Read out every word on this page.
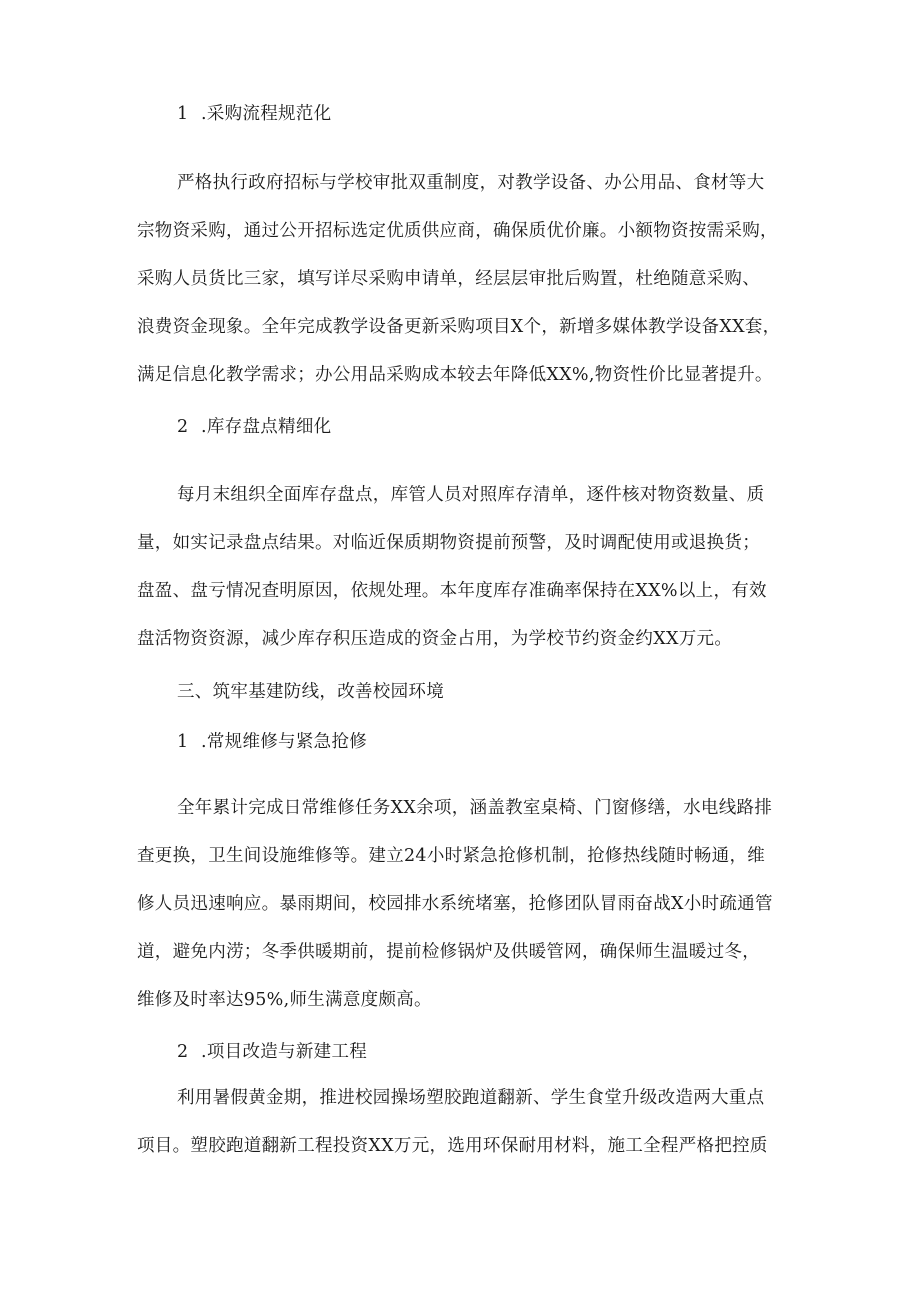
1 .采购流程规范化
严格执行政府招标与学校审批双重制度，对教学设备、办公用品、食材等大
宗物资采购，通过公开招标选定优质供应商，确保质优价廉。小额物资按需采购，
采购人员货比三家，填写详尽采购申请单，经层层审批后购置，杜绝随意采购、
浪费资金现象。全年完成教学设备更新采购项目X个，新增多媒体教学设备XX套，
满足信息化教学需求；办公用品采购成本较去年降低XX%,物资性价比显著提升。
2 .库存盘点精细化
每月末组织全面库存盘点，库管人员对照库存清单，逐件核对物资数量、质
量，如实记录盘点结果。对临近保质期物资提前预警，及时调配使用或退换货；
盘盈、盘亏情况查明原因，依规处理。本年度库存准确率保持在XX%以上，有效
盘活物资资源，减少库存积压造成的资金占用，为学校节约资金约XX万元。
三、筑牢基建防线，改善校园环境
1 .常规维修与紧急抢修
全年累计完成日常维修任务XX余项，涵盖教室桌椅、门窗修缮，水电线路排
查更换，卫生间设施维修等。建立24小时紧急抢修机制，抢修热线随时畅通，维
修人员迅速响应。暴雨期间，校园排水系统堵塞，抢修团队冒雨奋战X小时疏通管
道，避免内涝；冬季供暖期前，提前检修锅炉及供暖管网，确保师生温暖过冬，
维修及时率达95%,师生满意度颇高。
2 .项目改造与新建工程
利用暑假黄金期，推进校园操场塑胶跑道翻新、学生食堂升级改造两大重点
项目。塑胶跑道翻新工程投资XX万元，选用环保耐用材料，施工全程严格把控质
